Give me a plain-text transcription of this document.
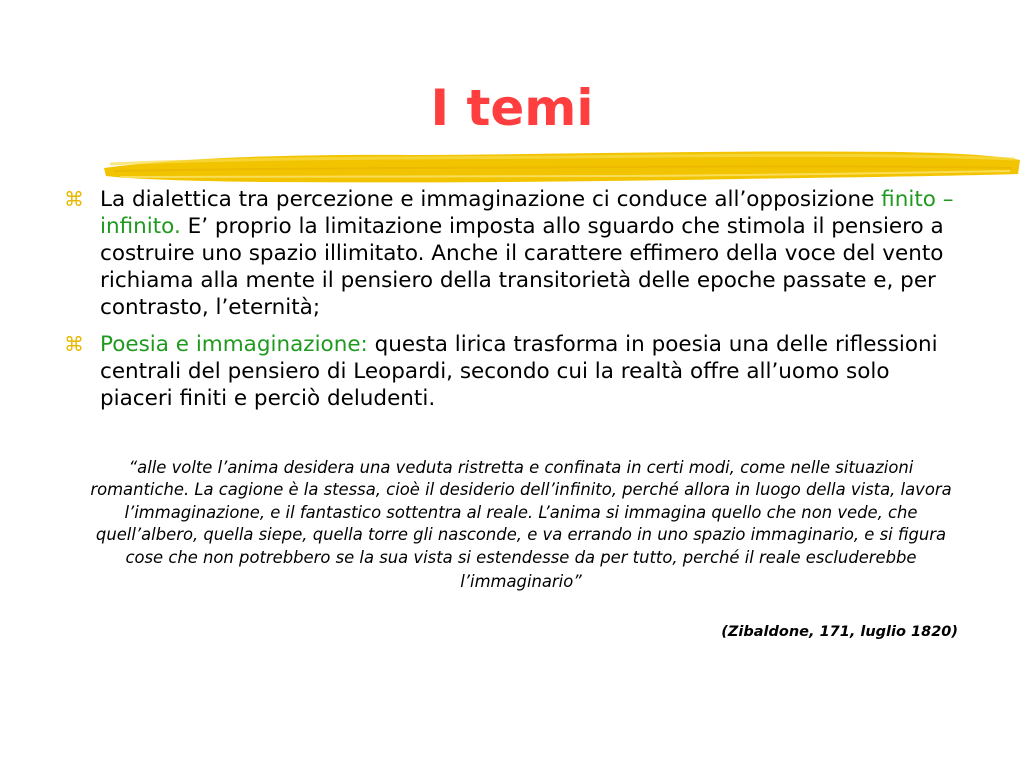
I temi

⌘ La dialettica tra percezione e immaginazione ci conduce all’opposizione finito – infinito. E’ proprio la limitazione imposta allo sguardo che stimola il pensiero a costruire uno spazio illimitato. Anche il carattere effimero della voce del vento richiama alla mente il pensiero della transitorietà delle epoche passate e, per contrasto, l’eternità;

⌘ Poesia e immaginazione: questa lirica trasforma in poesia una delle riflessioni centrali del pensiero di Leopardi, secondo cui la realtà offre all’uomo solo piaceri finiti e perciò deludenti.

“alle volte l’anima desidera una veduta ristretta e confinata in certi modi, come nelle situazioni romantiche. La cagione è la stessa, cioè il desiderio dell’infinito, perché allora in luogo della vista, lavora l’immaginazione, e il fantastico sottentra al reale. L’anima si immagina quello che non vede, che quell’albero, quella siepe, quella torre gli nasconde, e va errando in uno spazio immaginario, e si figura cose che non potrebbero se la sua vista si estendesse da per tutto, perché il reale escluderebbe
l’immaginario”

(Zibaldone, 171, luglio 1820)
